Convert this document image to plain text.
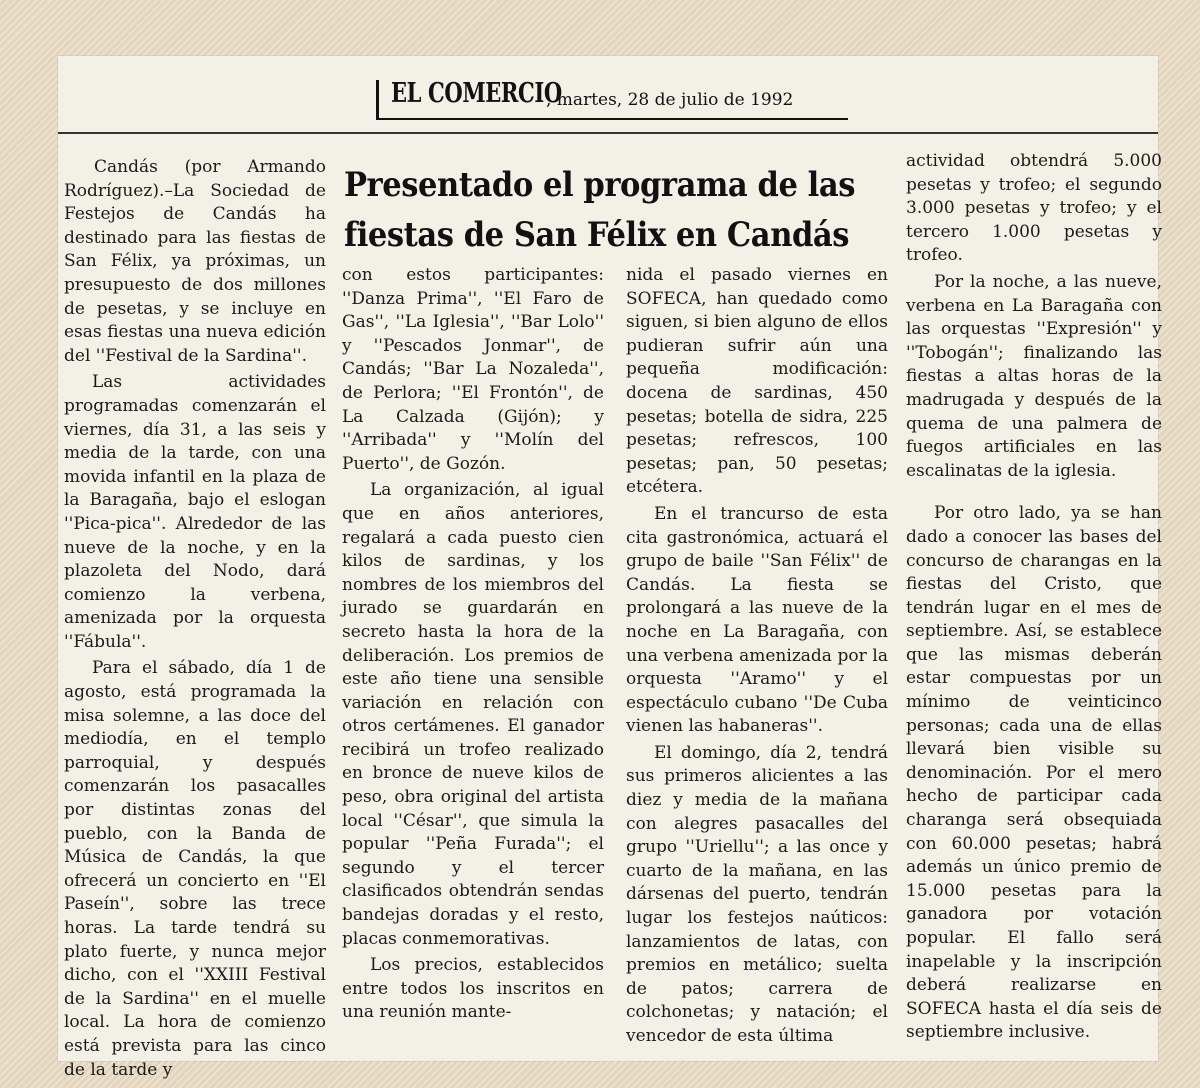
EL COMERCIO
, martes, 28 de julio de 1992
Presentado el programa de las
fiestas de San Félix en Candás

Candás (por Armando Rodríguez).–La Sociedad de Festejos de Candás ha destinado para las fiestas de San Félix, ya próximas, un presupuesto de dos millones de pesetas, y se incluye en esas fiestas una nueva edición del ''Festival de la Sardina''.

Las actividades programadas comenzarán el viernes, día 31, a las seis y media de la tarde, con una movida infantil en la plaza de la Baragaña, bajo el eslogan ''Pica-pica''. Alrededor de las nueve de la noche, y en la plazoleta del Nodo, dará comienzo la verbena, amenizada por la orquesta ''Fábula''.

Para el sábado, día 1 de agosto, está programada la misa solemne, a las doce del mediodía, en el templo parroquial, y después comenzarán los pasacalles por distintas zonas del pueblo, con la Banda de Música de Candás, la que ofrecerá un concierto en ''El Paseín'', sobre las trece horas. La tarde tendrá su plato fuerte, y nunca mejor dicho, con el ''XXIII Festival de la Sardina'' en el muelle local. La hora de comienzo está prevista para las cinco de la tarde y

con estos participantes: ''Danza Prima'', ''El Faro de Gas'', ''La Iglesia'', ''Bar Lolo'' y ''Pescados Jonmar'', de Candás; ''Bar La Nozaleda'', de Perlora; ''El Frontón'', de La Calzada (Gijón); y ''Arribada'' y ''Molín del Puerto'', de Gozón.

La organización, al igual que en años anteriores, regalará a cada puesto cien kilos de sardinas, y los nombres de los miembros del jurado se guardarán en secreto hasta la hora de la deliberación. Los premios de este año tiene una sensible variación en relación con otros certámenes. El ganador recibirá un trofeo realizado en bronce de nueve kilos de peso, obra original del artista local ''César'', que simula la popular ''Peña Furada''; el segundo y el tercer clasificados obtendrán sendas bandejas doradas y el resto, placas conmemorativas.

Los precios, establecidos entre todos los inscritos en una reunión mante-

nida el pasado viernes en SOFECA, han quedado como siguen, si bien alguno de ellos pudieran sufrir aún una pequeña modificación: docena de sardinas, 450 pesetas; botella de sidra, 225 pesetas; refrescos, 100 pesetas; pan, 50 pesetas; etcétera.

En el trancurso de esta cita gastronómica, actuará el grupo de baile ''San Félix'' de Candás. La fiesta se prolongará a las nueve de la noche en La Baragaña, con una verbena amenizada por la orquesta ''Aramo'' y el espectáculo cubano ''De Cuba vienen las habaneras''.

El domingo, día 2, tendrá sus primeros alicientes a las diez y media de la mañana con alegres pasacalles del grupo ''Uriellu''; a las once y cuarto de la mañana, en las dársenas del puerto, tendrán lugar los festejos naúticos: lanzamientos de latas, con premios en metálico; suelta de patos; carrera de colchonetas; y natación; el vencedor de esta última

actividad obtendrá 5.000 pesetas y trofeo; el segundo 3.000 pesetas y trofeo; y el tercero 1.000 pesetas y trofeo.

Por la noche, a las nueve, verbena en La Baragaña con las orquestas ''Expresión'' y ''Tobogán''; finalizando las fiestas a altas horas de la madrugada y después de la quema de una palmera de fuegos artificiales en las escalinatas de la iglesia.

Por otro lado, ya se han dado a conocer las bases del concurso de charangas en la fiestas del Cristo, que tendrán lugar en el mes de septiembre. Así, se establece que las mismas deberán estar compuestas por un mínimo de veinticinco personas; cada una de ellas llevará bien visible su denominación. Por el mero hecho de participar cada charanga será obsequiada con 60.000 pesetas; habrá además un único premio de 15.000 pesetas para la ganadora por votación popular. El fallo será inapelable y la inscripción deberá realizarse en SOFECA hasta el día seis de septiembre inclusive.
